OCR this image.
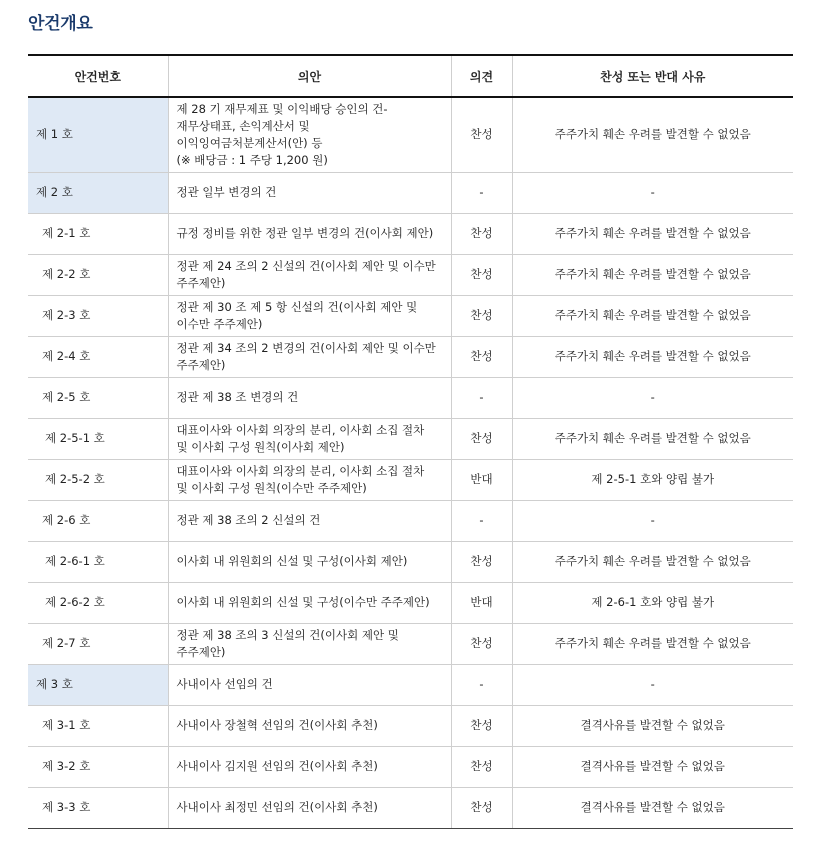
안건개요
안건번호	의안	의견	찬성 또는 반대 사유
제 1 호	제 28 기 재무제표 및 이익배당 승인의 건-
재무상태표, 손익계산서 및
이익잉여금처분계산서(안) 등
(※ 배당금 : 1 주당 1,200 원)	찬성	주주가치 훼손 우려를 발견할 수 없었음
제 2 호	정관 일부 변경의 건	-	-
제 2-1 호	규정 정비를 위한 정관 일부 변경의 건(이사회 제안)	찬성	주주가치 훼손 우려를 발견할 수 없었음
제 2-2 호	정관 제 24 조의 2 신설의 건(이사회 제안 및 이수만
주주제안)	찬성	주주가치 훼손 우려를 발견할 수 없었음
제 2-3 호	정관 제 30 조 제 5 항 신설의 건(이사회 제안 및
이수만 주주제안)	찬성	주주가치 훼손 우려를 발견할 수 없었음
제 2-4 호	정관 제 34 조의 2 변경의 건(이사회 제안 및 이수만
주주제안)	찬성	주주가치 훼손 우려를 발견할 수 없었음
제 2-5 호	정관 제 38 조 변경의 건	-	-
제 2-5-1 호	대표이사와 이사회 의장의 분리, 이사회 소집 절차
및 이사회 구성 원칙(이사회 제안)	찬성	주주가치 훼손 우려를 발견할 수 없었음
제 2-5-2 호	대표이사와 이사회 의장의 분리, 이사회 소집 절차
및 이사회 구성 원칙(이수만 주주제안)	반대	제 2-5-1 호와 양립 불가
제 2-6 호	정관 제 38 조의 2 신설의 건	-	-
제 2-6-1 호	이사회 내 위원회의 신설 및 구성(이사회 제안)	찬성	주주가치 훼손 우려를 발견할 수 없었음
제 2-6-2 호	이사회 내 위원회의 신설 및 구성(이수만 주주제안)	반대	제 2-6-1 호와 양립 불가
제 2-7 호	정관 제 38 조의 3 신설의 건(이사회 제안 및
주주제안)	찬성	주주가치 훼손 우려를 발견할 수 없었음
제 3 호	사내이사 선임의 건	-	-
제 3-1 호	사내이사 장철혁 선임의 건(이사회 추천)	찬성	결격사유를 발견할 수 없었음
제 3-2 호	사내이사 김지원 선임의 건(이사회 추천)	찬성	결격사유를 발견할 수 없었음
제 3-3 호	사내이사 최정민 선임의 건(이사회 추천)	찬성	결격사유를 발견할 수 없었음
